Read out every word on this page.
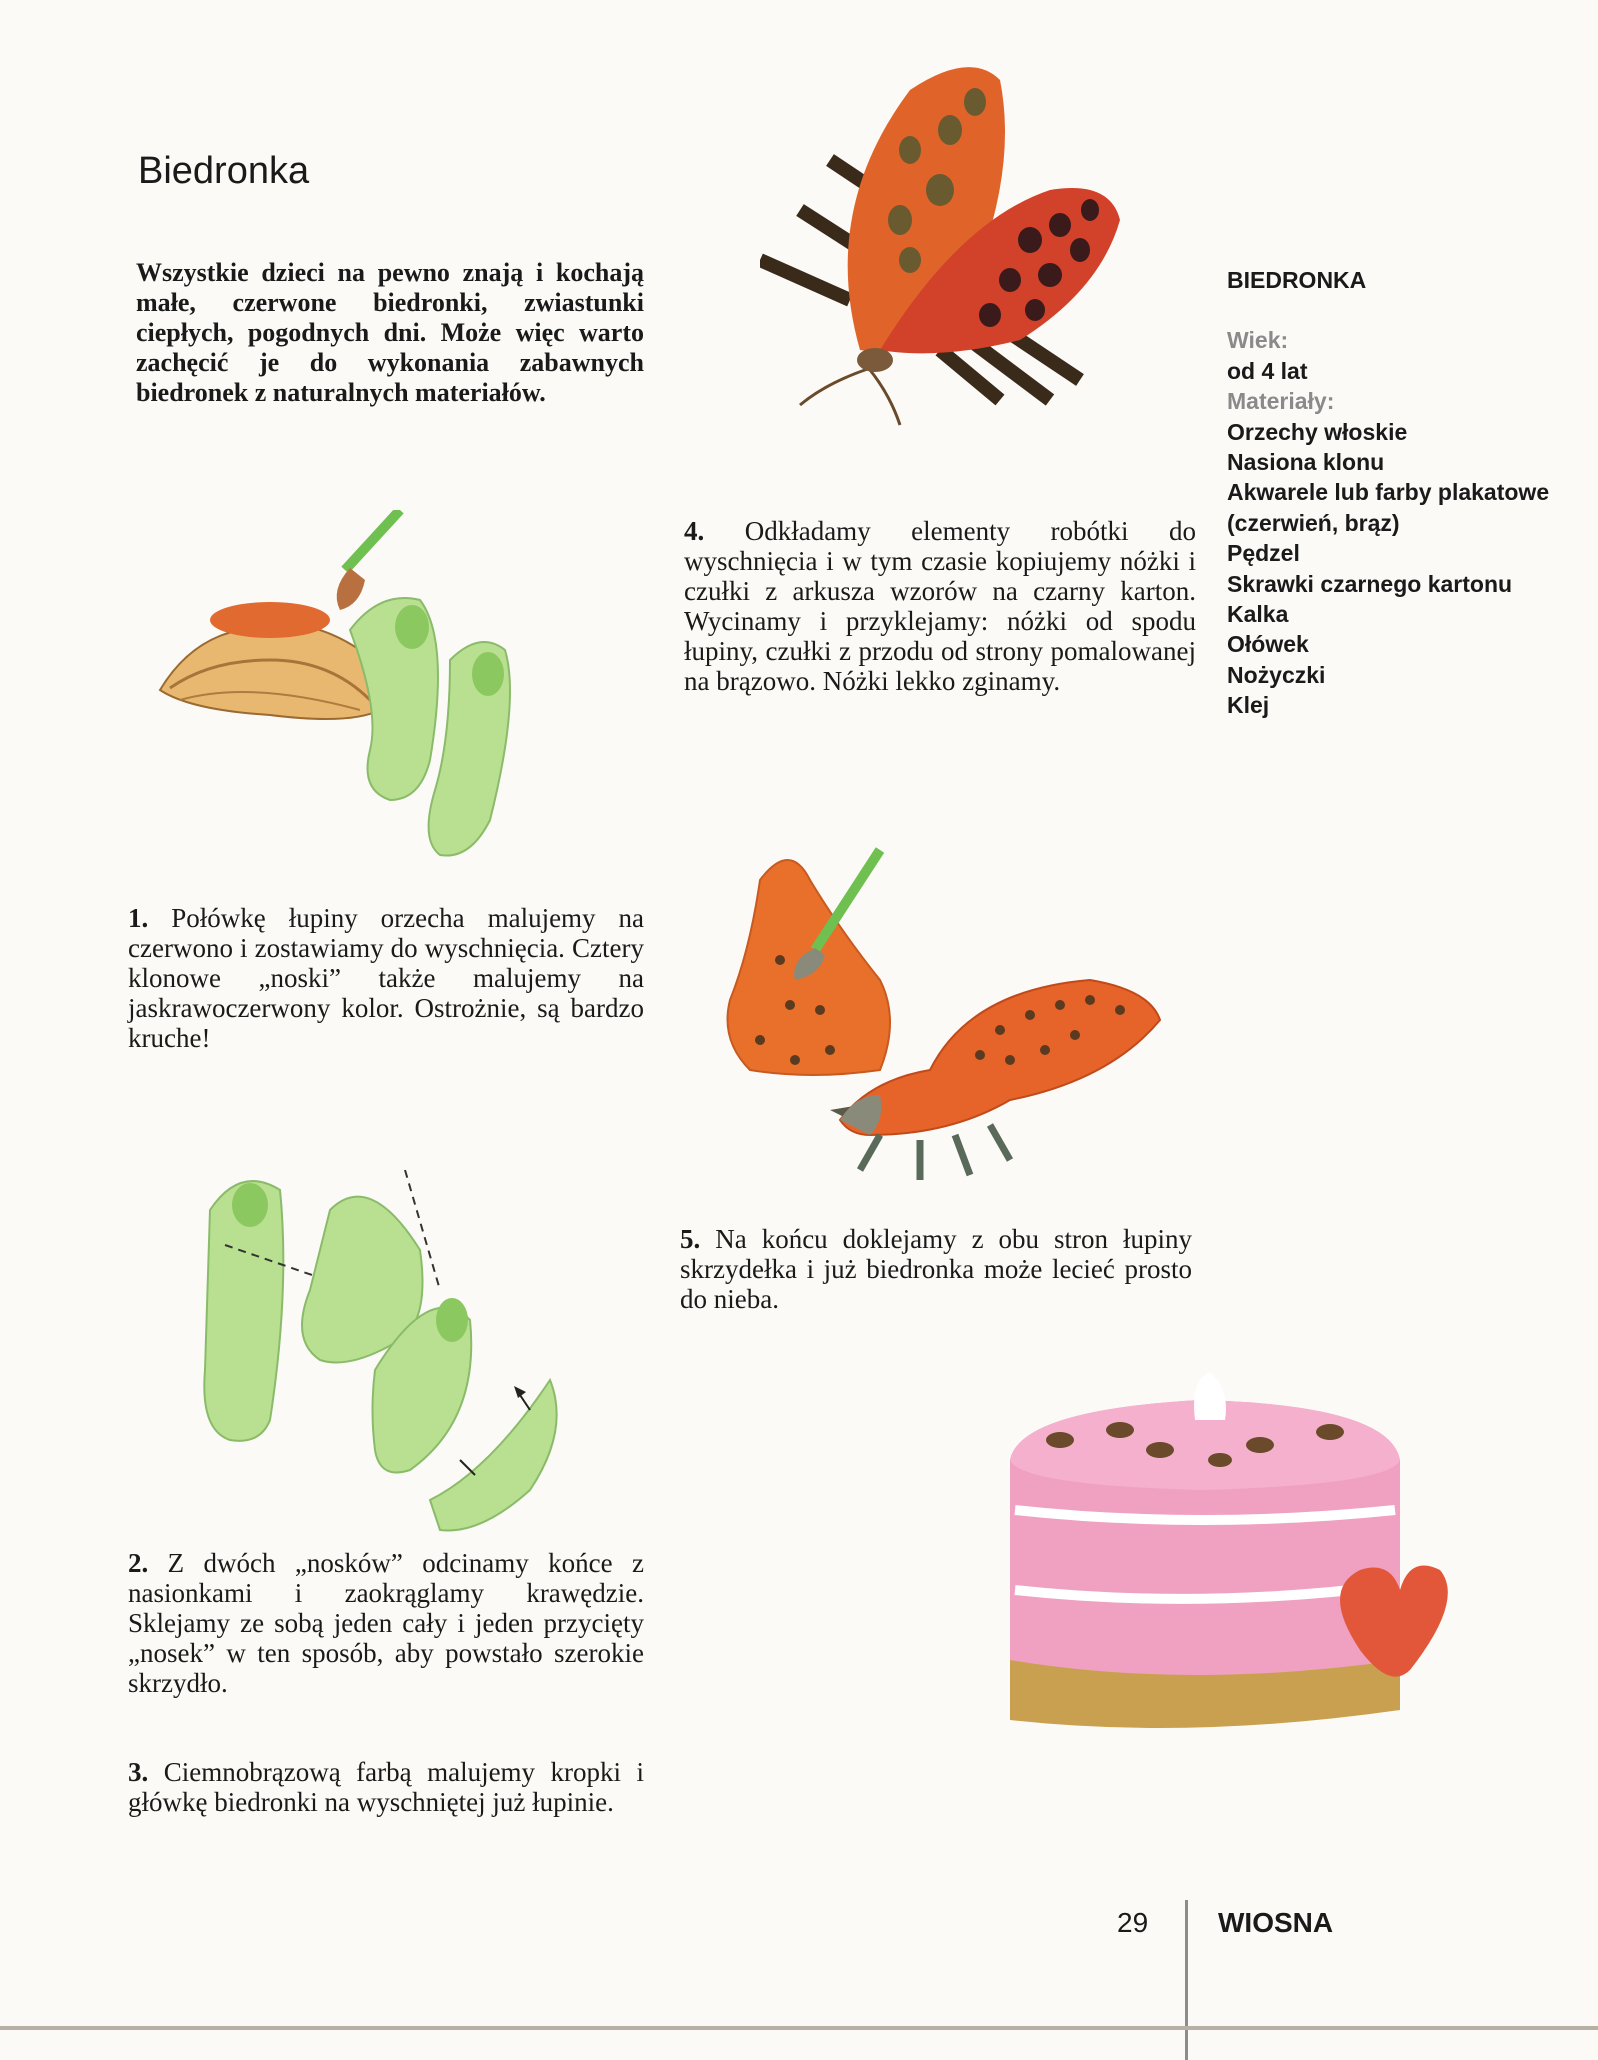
Biedronka

Wszystkie dzieci na pewno znają i kochają małe, czerwone biedronki, zwiastunki ciepłych, pogodnych dni. Może więc warto zachęcić je do wykonania zabawnych biedronek z naturalnych materiałów.

1. Połówkę łupiny orzecha malujemy na czerwono i zostawiamy do wyschnięcia. Cztery klonowe „noski” także malujemy na jaskrawoczerwony kolor. Ostrożnie, są bardzo kruche!

2. Z dwóch „nosków” odcinamy końce z nasionkami i zaokrąglamy krawędzie. Sklejamy ze sobą jeden cały i jeden przycięty „nosek” w ten sposób, aby powstało szerokie skrzydło.

3. Ciemnobrązową farbą malujemy kropki i główkę biedronki na wyschniętej już łupinie.

4. Odkładamy elementy robótki do wyschnięcia i w tym czasie kopiujemy nóżki i czułki z arkusza wzorów na czarny karton. Wycinamy i przyklejamy: nóżki od spodu łupiny, czułki z przodu od strony pomalowanej na brązowo. Nóżki lekko zginamy.

5. Na końcu doklejamy z obu stron łupiny skrzydełka i już biedronka może lecieć prosto do nieba.

BIEDRONKA
Wiek:
od 4 lat
Materiały:
Orzechy włoskie
Nasiona klonu
Akwarele lub farby plakatowe (czerwień, brąz)
Pędzel
Skrawki czarnego kartonu
Kalka
Ołówek
Nożyczki
Klej
29 WIOSNA
